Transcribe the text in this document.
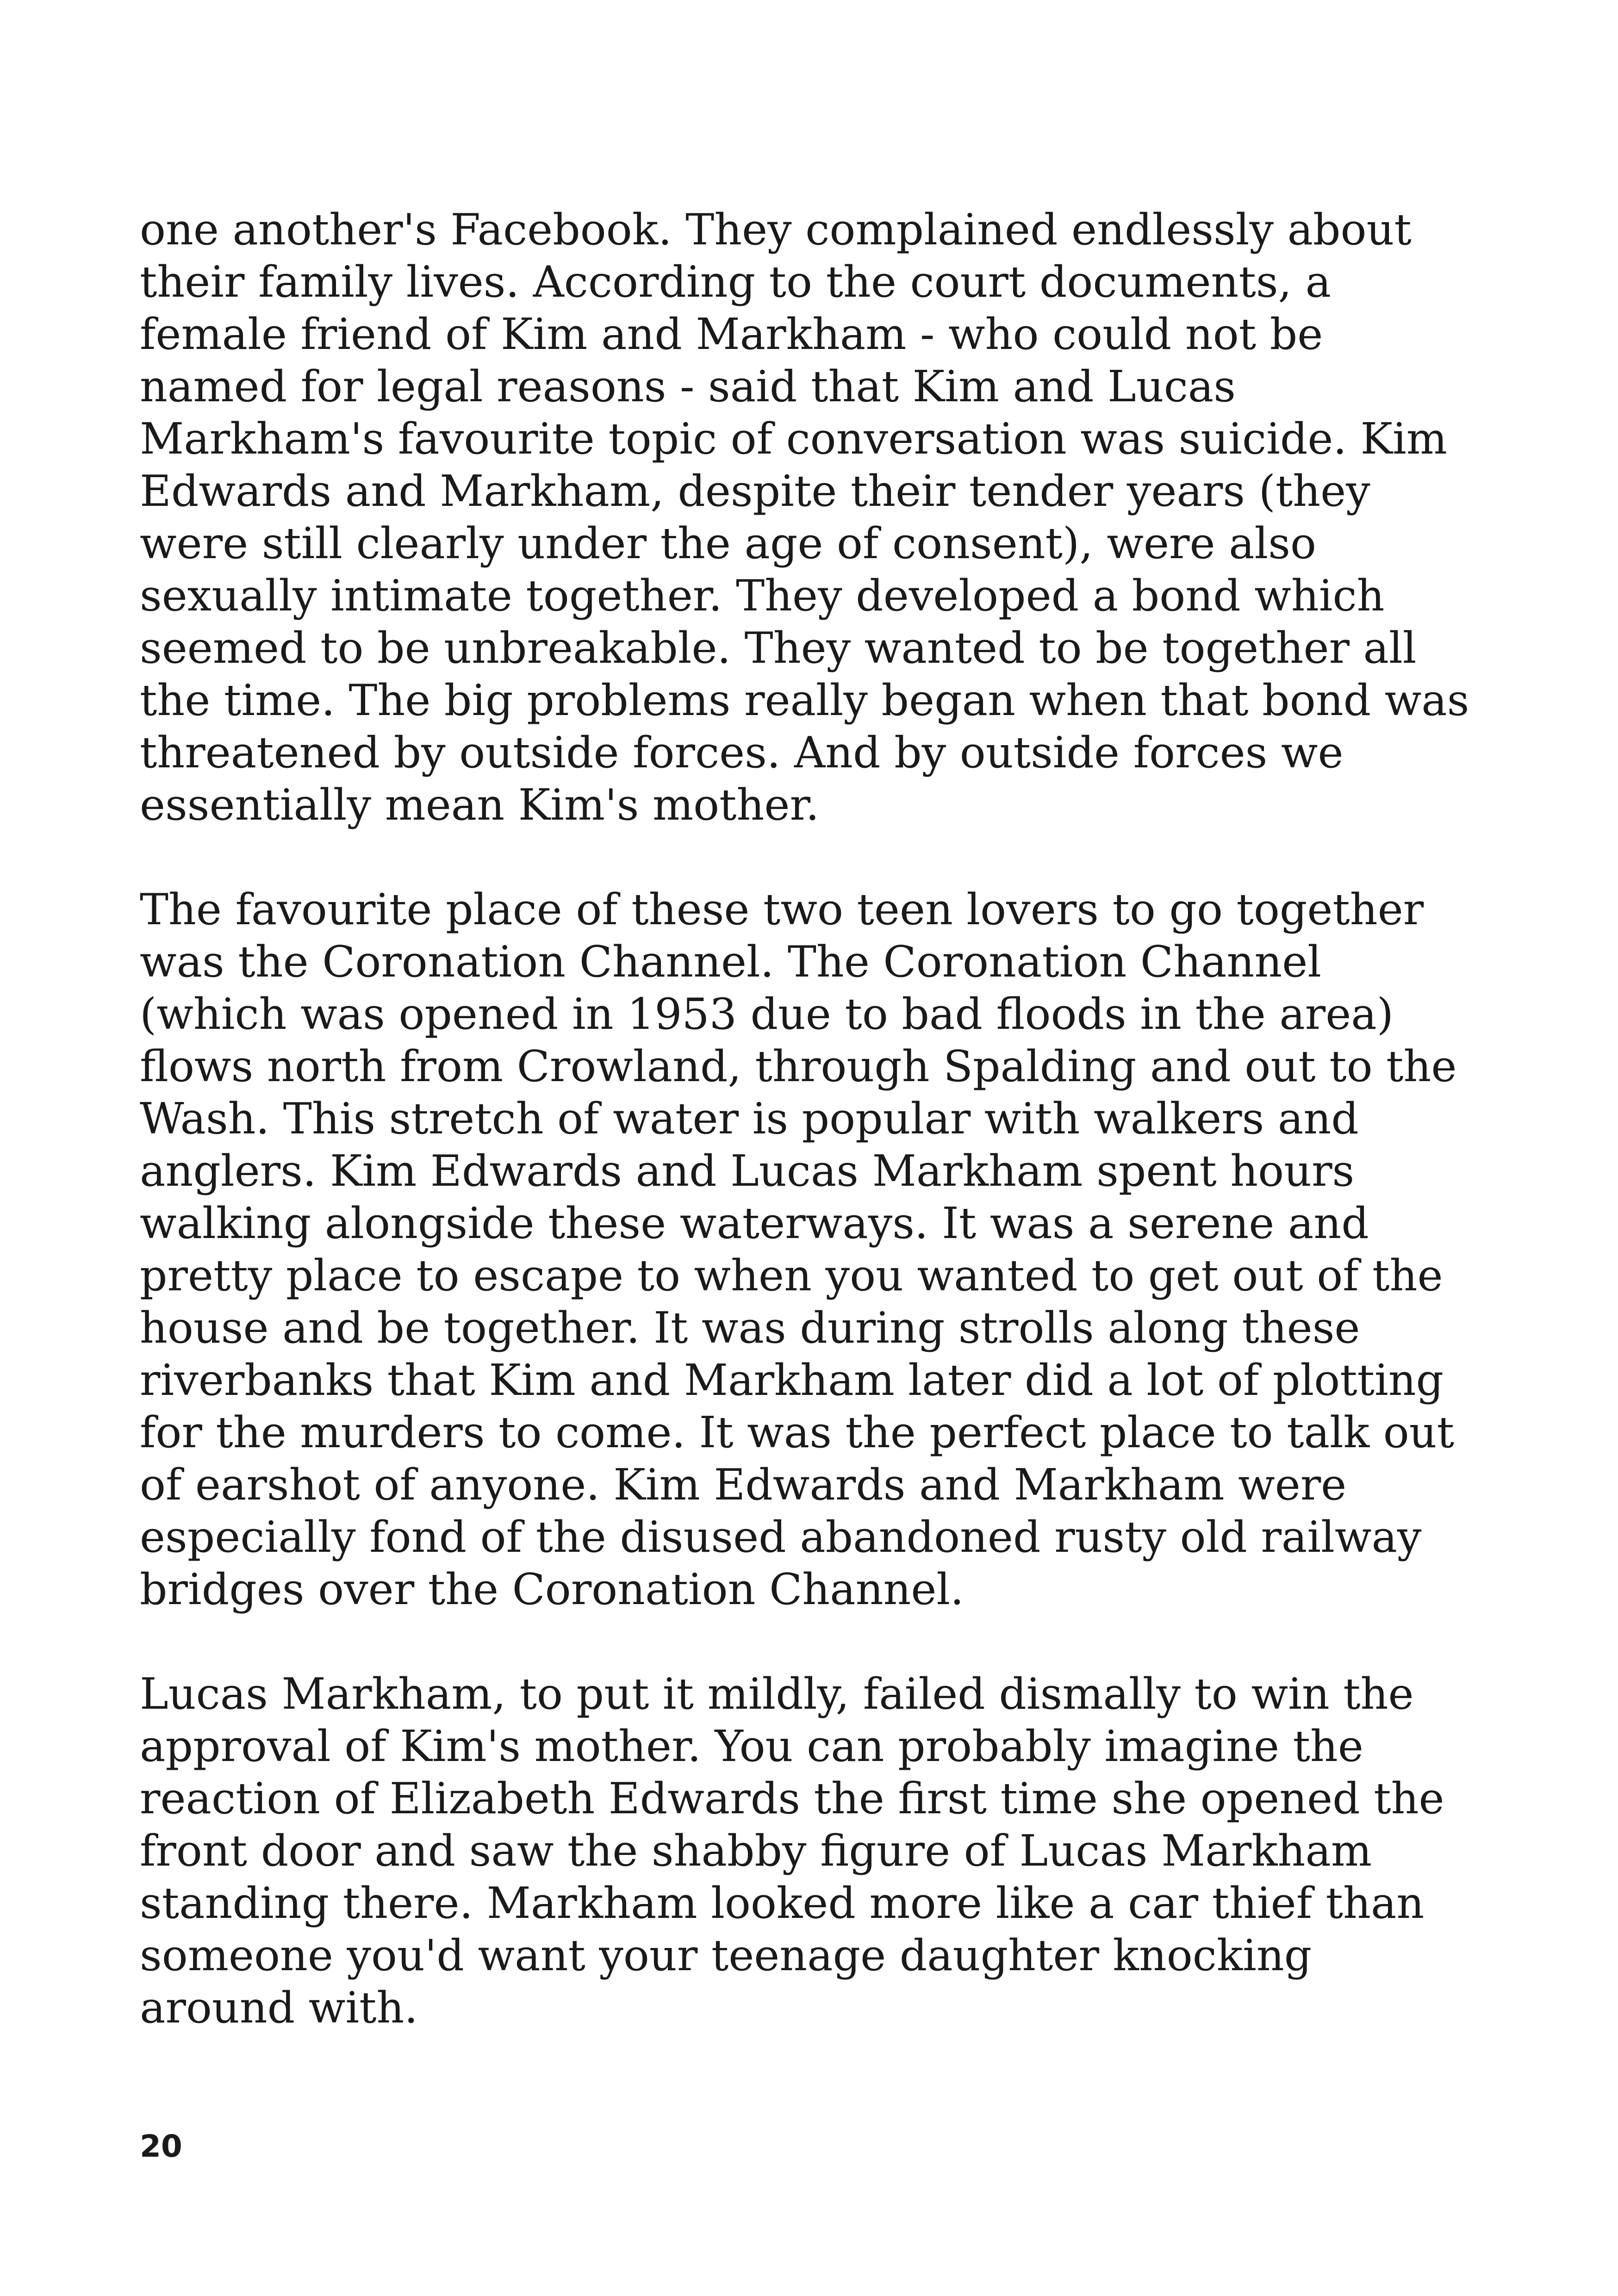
one another's Facebook. They complained endlessly about
their family lives. According to the court documents, a
female friend of Kim and Markham - who could not be
named for legal reasons - said that Kim and Lucas
Markham's favourite topic of conversation was suicide. Kim
Edwards and Markham, despite their tender years (they
were still clearly under the age of consent), were also
sexually intimate together. They developed a bond which
seemed to be unbreakable. They wanted to be together all
the time. The big problems really began when that bond was
threatened by outside forces. And by outside forces we
essentially mean Kim's mother.

The favourite place of these two teen lovers to go together
was the Coronation Channel. The Coronation Channel
(which was opened in 1953 due to bad floods in the area)
flows north from Crowland, through Spalding and out to the
Wash. This stretch of water is popular with walkers and
anglers. Kim Edwards and Lucas Markham spent hours
walking alongside these waterways. It was a serene and
pretty place to escape to when you wanted to get out of the
house and be together. It was during strolls along these
riverbanks that Kim and Markham later did a lot of plotting
for the murders to come. It was the perfect place to talk out
of earshot of anyone. Kim Edwards and Markham were
especially fond of the disused abandoned rusty old railway
bridges over the Coronation Channel.

Lucas Markham, to put it mildly, failed dismally to win the
approval of Kim's mother. You can probably imagine the
reaction of Elizabeth Edwards the first time she opened the
front door and saw the shabby figure of Lucas Markham
standing there. Markham looked more like a car thief than
someone you'd want your teenage daughter knocking
around with.

20
